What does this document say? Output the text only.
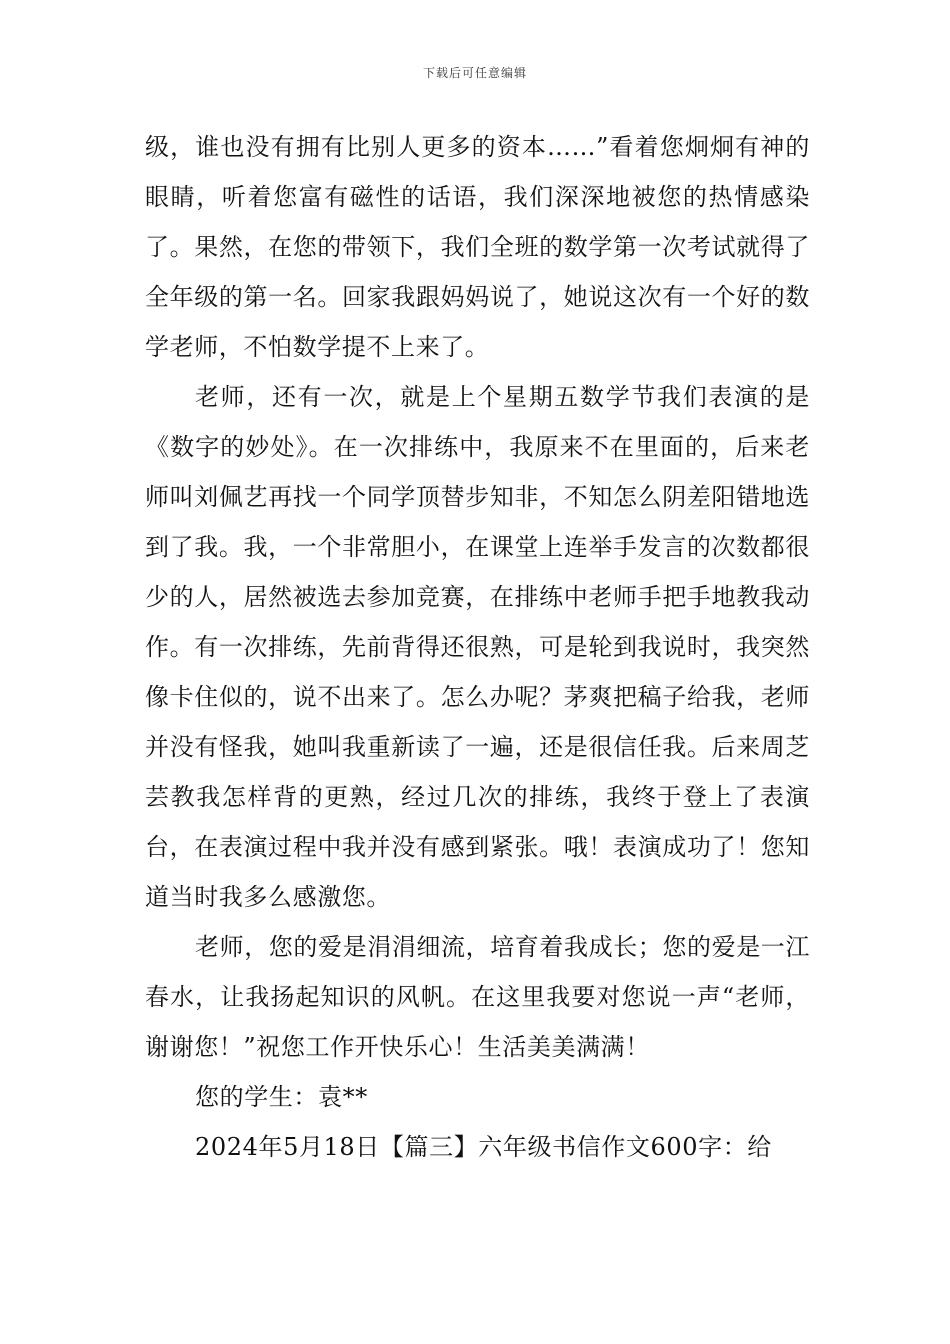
下载后可任意编辑

级，谁也没有拥有比别人更多的资本……”看着您炯炯有神的眼睛，听着您富有磁性的话语，我们深深地被您的热情感染了。果然，在您的带领下，我们全班的数学第一次考试就得了全年级的第一名。回家我跟妈妈说了，她说这次有一个好的数学老师，不怕数学提不上来了。

老师，还有一次，就是上个星期五数学节我们表演的是《数字的妙处》。在一次排练中，我原来不在里面的，后来老师叫刘佩艺再找一个同学顶替步知非，不知怎么阴差阳错地选到了我。我，一个非常胆小，在课堂上连举手发言的次数都很少的人，居然被选去参加竞赛，在排练中老师手把手地教我动作。有一次排练，先前背得还很熟，可是轮到我说时，我突然像卡住似的，说不出来了。怎么办呢？茅爽把稿子给我，老师并没有怪我，她叫我重新读了一遍，还是很信任我。后来周芝芸教我怎样背的更熟，经过几次的排练，我终于登上了表演台，在表演过程中我并没有感到紧张。哦！表演成功了！您知道当时我多么感激您。

老师，您的爱是涓涓细流，培育着我成长；您的爱是一江春水，让我扬起知识的风帆。在这里我要对您说一声“老师，谢谢您！”祝您工作开快乐心！生活美美满满！

您的学生：袁**

2024年5月18日【篇三】六年级书信作文600字：给
